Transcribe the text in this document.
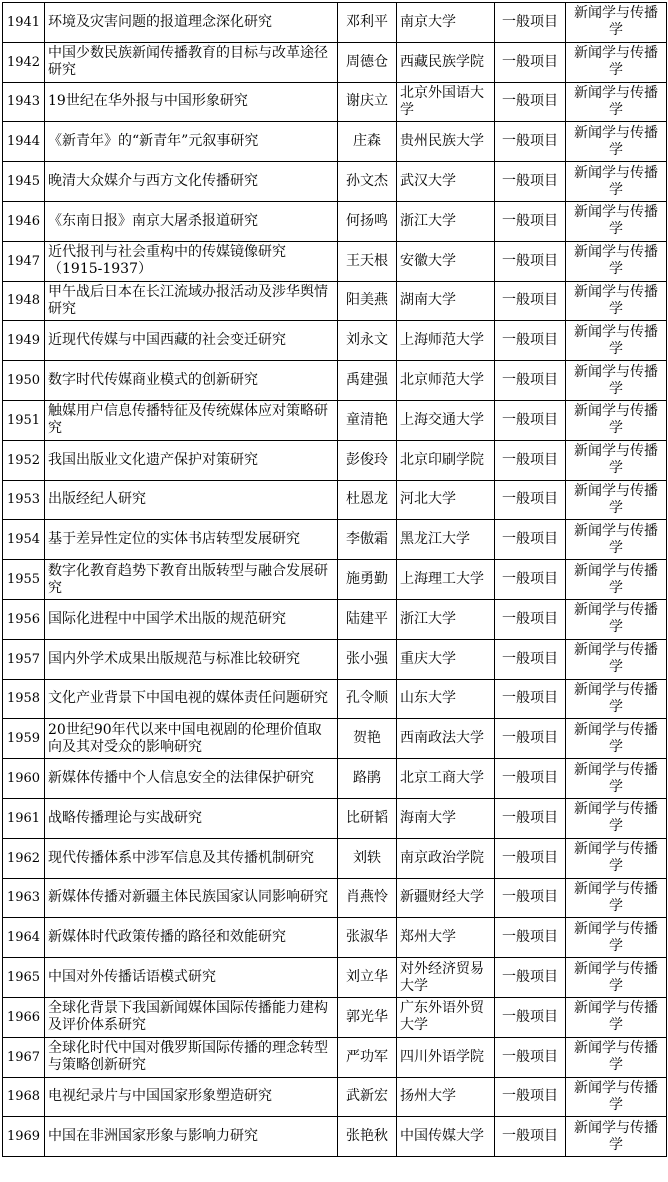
1941	环境及灾害问题的报道理念深化研究	邓利平	南京大学	一般项目	新闻学与传播学
1942	中国少数民族新闻传播教育的目标与改革途径研究	周德仓	西藏民族学院	一般项目	新闻学与传播学
1943	19世纪在华外报与中国形象研究	谢庆立	北京外国语大学	一般项目	新闻学与传播学
1944	《新青年》的“新青年”元叙事研究	庄森	贵州民族大学	一般项目	新闻学与传播学
1945	晚清大众媒介与西方文化传播研究	孙文杰	武汉大学	一般项目	新闻学与传播学
1946	《东南日报》南京大屠杀报道研究	何扬鸣	浙江大学	一般项目	新闻学与传播学
1947	近代报刊与社会重构中的传媒镜像研究（1915-1937）	王天根	安徽大学	一般项目	新闻学与传播学
1948	甲午战后日本在长江流域办报活动及涉华舆情研究	阳美燕	湖南大学	一般项目	新闻学与传播学
1949	近现代传媒与中国西藏的社会变迁研究	刘永文	上海师范大学	一般项目	新闻学与传播学
1950	数字时代传媒商业模式的创新研究	禹建强	北京师范大学	一般项目	新闻学与传播学
1951	触媒用户信息传播特征及传统媒体应对策略研究	童清艳	上海交通大学	一般项目	新闻学与传播学
1952	我国出版业文化遗产保护对策研究	彭俊玲	北京印刷学院	一般项目	新闻学与传播学
1953	出版经纪人研究	杜恩龙	河北大学	一般项目	新闻学与传播学
1954	基于差异性定位的实体书店转型发展研究	李傲霜	黑龙江大学	一般项目	新闻学与传播学
1955	数字化教育趋势下教育出版转型与融合发展研究	施勇勤	上海理工大学	一般项目	新闻学与传播学
1956	国际化进程中中国学术出版的规范研究	陆建平	浙江大学	一般项目	新闻学与传播学
1957	国内外学术成果出版规范与标准比较研究	张小强	重庆大学	一般项目	新闻学与传播学
1958	文化产业背景下中国电视的媒体责任问题研究	孔令顺	山东大学	一般项目	新闻学与传播学
1959	20世纪90年代以来中国电视剧的伦理价值取向及其对受众的影响研究	贺艳	西南政法大学	一般项目	新闻学与传播学
1960	新媒体传播中个人信息安全的法律保护研究	路鹃	北京工商大学	一般项目	新闻学与传播学
1961	战略传播理论与实战研究	比研韬	海南大学	一般项目	新闻学与传播学
1962	现代传播体系中涉军信息及其传播机制研究	刘轶	南京政治学院	一般项目	新闻学与传播学
1963	新媒体传播对新疆主体民族国家认同影响研究	肖燕怜	新疆财经大学	一般项目	新闻学与传播学
1964	新媒体时代政策传播的路径和效能研究	张淑华	郑州大学	一般项目	新闻学与传播学
1965	中国对外传播话语模式研究	刘立华	对外经济贸易大学	一般项目	新闻学与传播学
1966	全球化背景下我国新闻媒体国际传播能力建构及评价体系研究	郭光华	广东外语外贸大学	一般项目	新闻学与传播学
1967	全球化时代中国对俄罗斯国际传播的理念转型与策略创新研究	严功军	四川外语学院	一般项目	新闻学与传播学
1968	电视纪录片与中国国家形象塑造研究	武新宏	扬州大学	一般项目	新闻学与传播学
1969	中国在非洲国家形象与影响力研究	张艳秋	中国传媒大学	一般项目	新闻学与传播学
